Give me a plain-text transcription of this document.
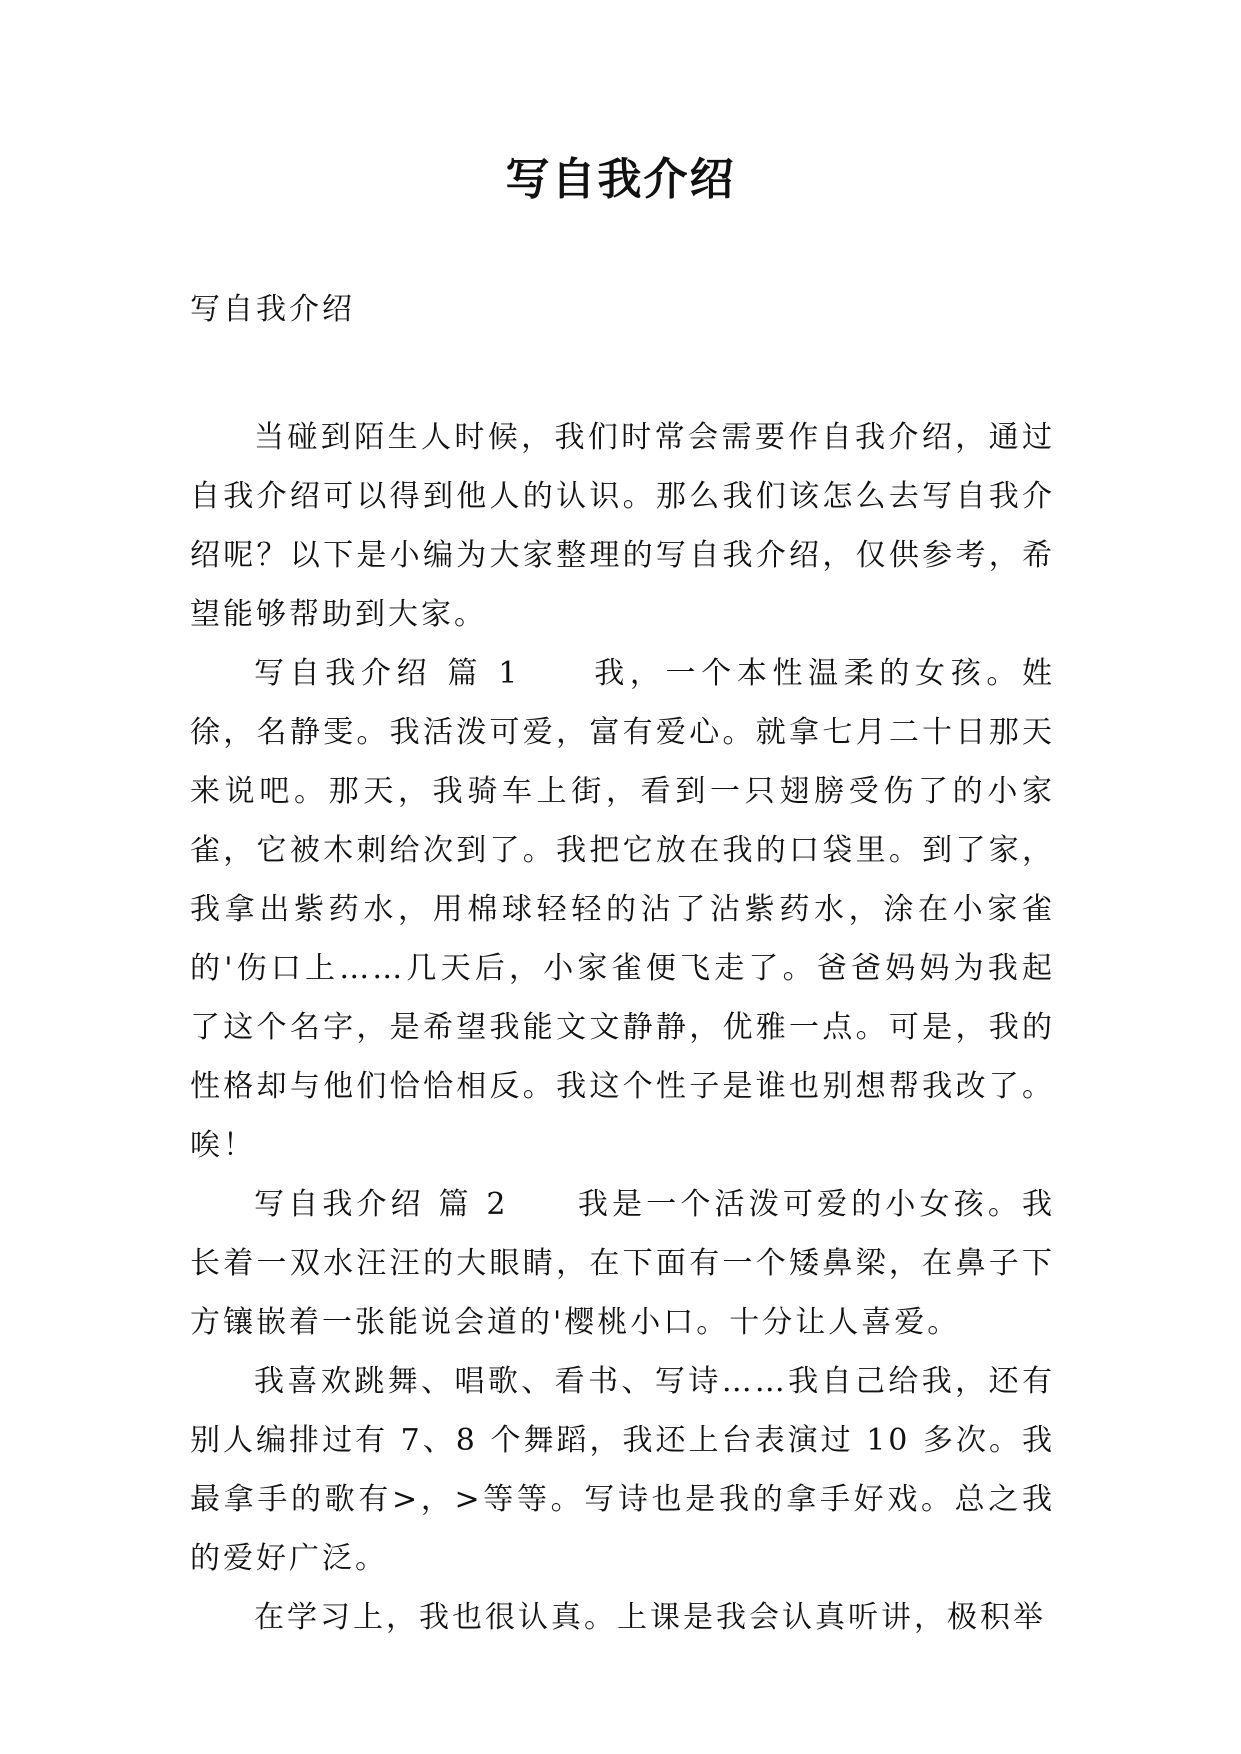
写自我介绍

写自我介绍

当碰到陌生人时候，我们时常会需要作自我介绍，通过自我介绍可以得到他人的认识。那么我们该怎么去写自我介绍呢？以下是小编为大家整理的写自我介绍，仅供参考，希望能够帮助到大家。

写自我介绍 篇 1　　我，一个本性温柔的女孩。姓徐，名静雯。我活泼可爱，富有爱心。就拿七月二十日那天来说吧。那天，我骑车上街，看到一只翅膀受伤了的小家雀，它被木刺给次到了。我把它放在我的口袋里。到了家，我拿出紫药水，用棉球轻轻的沾了沾紫药水，涂在小家雀的'伤口上……几天后，小家雀便飞走了。爸爸妈妈为我起了这个名字，是希望我能文文静静，优雅一点。可是，我的性格却与他们恰恰相反。我这个性子是谁也别想帮我改了。唉！

写自我介绍 篇 2　　我是一个活泼可爱的小女孩。我长着一双水汪汪的大眼睛，在下面有一个矮鼻梁，在鼻子下方镶嵌着一张能说会道的'樱桃小口。十分让人喜爱。

我喜欢跳舞、唱歌、看书、写诗……我自己给我，还有别人编排过有 7、8 个舞蹈，我还上台表演过 10 多次。我最拿手的歌有>，>等等。写诗也是我的拿手好戏。总之我的爱好广泛。

在学习上，我也很认真。上课是我会认真听讲，极积举
